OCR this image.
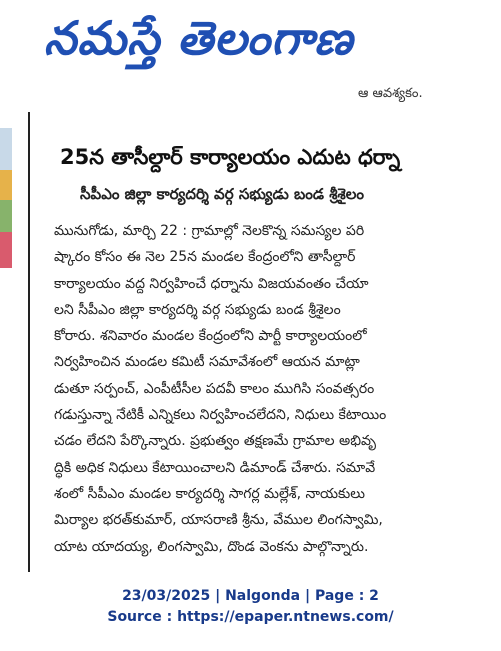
నమస్తే తెలంగాణ
ఆ ఆవశ్యకం.
25న తాసీల్దార్ కార్యాలయం ఎదుట ధర్నా
సీపీఎం జిల్లా కార్యదర్శి వర్గ సభ్యుడు బండ శ్రీశైలం
మునుగోడు, మార్చి 22 : గ్రామాల్లో నెలకొన్న సమస్యల పరి
ష్కారం కోసం ఈ నెల 25న మండల కేంద్రంలోని తాసీల్దార్
కార్యాలయం వద్ద నిర్వహించే ధర్నాను విజయవంతం చేయా
లని సీపీఎం జిల్లా కార్యదర్శి వర్గ సభ్యుడు బండ శ్రీశైలం
కోరారు. శనివారం మండల కేంద్రంలోని పార్టీ కార్యాలయంలో
నిర్వహించిన మండల కమిటీ సమావేశంలో ఆయన మాట్లా
డుతూ సర్పంచ్, ఎంపీటీసీల పదవీ కాలం ముగిసి సంవత్సరం
గడుస్తున్నా నేటికీ ఎన్నికలు నిర్వహించలేదని, నిధులు కేటాయిం
చడం లేదని పేర్కొన్నారు. ప్రభుత్వం తక్షణమే గ్రామాల అభివృ
ద్ధికి అధిక నిధులు కేటాయించాలని డిమాండ్ చేశారు. సమావే
శంలో సీపీఎం మండల కార్యదర్శి సాగర్ల మల్లేశ్, నాయకులు
మిర్యాల భరత్‌కుమార్, యాసరాణి శ్రీను, వేముల లింగస్వామి,
యాట యాదయ్య, లింగస్వామి, దొండ వెంకను పాల్గొన్నారు.
23/03/2025 | Nalgonda | Page : 2
Source : https://epaper.ntnews.com/
